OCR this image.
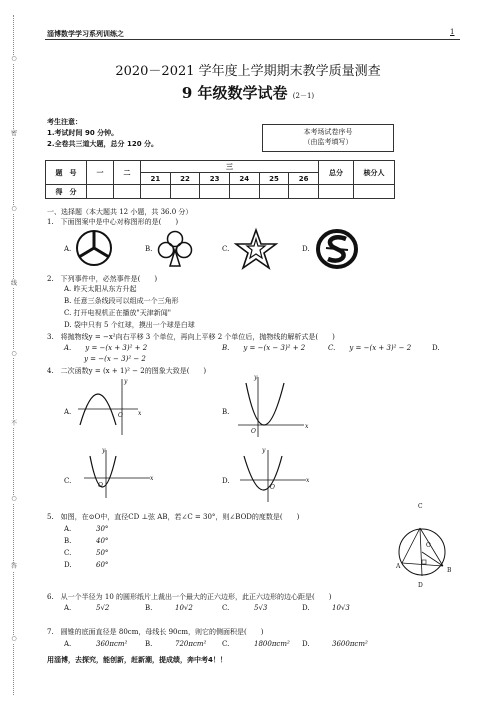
○
密
○
线
○
不
○
答
○
淄博数学学习系列训练之	1
2020－2021 学年度上学期期末教学质量测查
9 年级数学试卷 (2－1)
考生注意：
1.考试时间 90 分钟。
2.全卷共三道大题，总分 120 分。
本考场试卷序号
（由监考填写）
题　号	一	二	三						总分	核分人
			21	22	23	24	25	26		
得　分										
一、选择题（本大题共 12 小题，共 36.0 分）
1.　下面图案中是中心对称图形的是(　　)
A.	B.	C.	D.
2.　下列事件中，必然事件是(　　)
A. 昨天太阳从东方升起
B. 任意三条线段可以组成一个三角形
C. 打开电视机正在播放"天津新闻"
D. 袋中只有 5 个红球，摸出一个球是白球
3.　将抛物线y = −x²向右平移 3 个单位，再向上平移 2 个单位后，抛物线的解析式是(　　)
A.　　y = −(x + 3)² + 2	B.　　y = −(x − 3)² + 2	C.　　y = −(x + 3)² − 2	D.
y = −(x − 3)² − 2
4.　二次函数y = (x + 1)² − 2的图象大致是(　　)
A.
y
O	x	B.
y
O
x
C.
y
O
x	D.
y
O
x
5.　如图，在⊙O中，直径CD ⊥弦 AB，若∠C = 30°，则∠BOD的度数是(　　)
A.	30°
B.	40°
C.	50°
D.	60°
C
O
A
B
D
6.　从一个半径为 10 的圆形纸片上裁出一个最大的正六边形，此正六边形的边心距是(　　)
A.	5√2	B.	10√2	C.	5√3	D.	10√3
7.　圆锥的底面直径是 80cm，母线长 90cm，则它的侧面积是(　　)
A.	360πcm²	B.	720πcm² C.	1800πcm² D.	3600πcm²
用淄博，去探究，能创新，赶新潮，提成绩，奔中考4！！
